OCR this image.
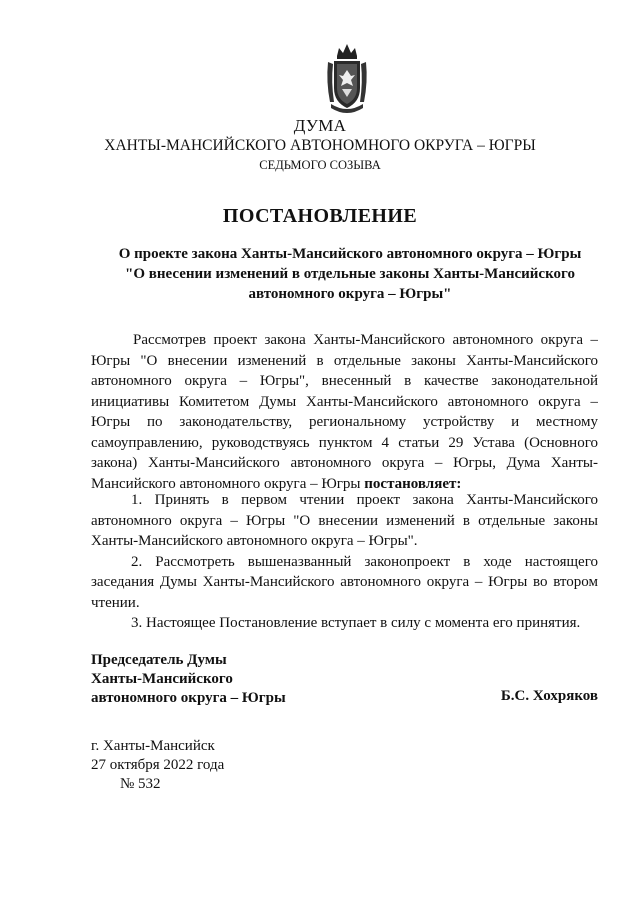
ДУМА
ХАНТЫ-МАНСИЙСКОГО АВТОНОМНОГО ОКРУГА – ЮГРЫ
СЕДЬМОГО СОЗЫВА
ПОСТАНОВЛЕНИЕ
О проекте закона Ханты-Мансийского автономного округа – Югры
"О внесении изменений в отдельные законы Ханты-Мансийского
автономного округа – Югры"
Рассмотрев проект закона Ханты-Мансийского автономного округа –
Югры "О внесении изменений в отдельные законы Ханты-Мансийского
автономного округа – Югры", внесенный в качестве законодательной
инициативы Комитетом Думы Ханты-Мансийского автономного округа –
Югры по законодательству, региональному устройству и местному
самоуправлению, руководствуясь пунктом 4 статьи 29 Устава (Основного
закона) Ханты-Мансийского автономного округа – Югры, Дума Ханты-
Мансийского автономного округа – Югры постановляет:
1. Принять в первом чтении проект закона Ханты-Мансийского
автономного округа – Югры "О внесении изменений в отдельные законы
Ханты-Мансийского автономного округа – Югры".
2. Рассмотреть вышеназванный законопроект в ходе настоящего
заседания Думы Ханты-Мансийского автономного округа – Югры во втором
чтении.
3. Настоящее Постановление вступает в силу с момента его принятия.
Председатель Думы
Ханты-Мансийского
автономного округа – Югры	Б.С. Хохряков
г. Ханты-Мансийск
27 октября 2022 года
№ 532
